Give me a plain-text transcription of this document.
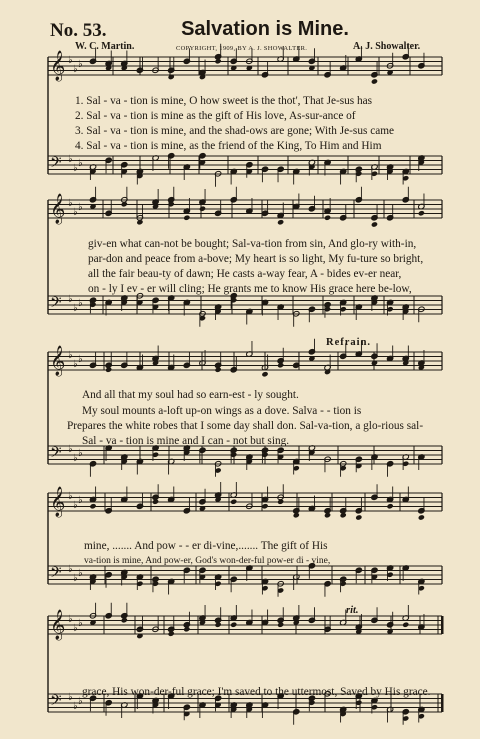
No. 53.	Salvation is Mine.
W. C. Martin.	COPYRIGHT, 1909, BY A. J. SHOWALTER.	A. J. Showalter.
𝄞 ♭
♭ ♭
𝄢 ♭
♭ ♭
𝄞 ♭
♭ ♭
𝄢 ♭
♭ ♭
𝄞 ♭
♭ ♭
𝄢 ♭
♭ ♭
𝄞 ♭
♭ ♭
𝄢 ♭
♭ ♭
𝄞 ♭
♭ ♭
𝄢 ♭
♭ ♭
1. Sal - va - tion is mine, O how sweet is the thot', That Je-sus has
2. Sal - va - tion is mine as the gift of His love, As-sur-ance of
3. Sal - va - tion is mine, and the shad-ows are gone; With Je-sus came
4. Sal - va - tion is mine, as the friend of the King, To Him and Him
giv-en what can-not be bought; Sal-va-tion from sin, And glo-ry with-in,
par-don and peace from a-bove; My heart is so light, My fu-ture so bright,
all the fair beau-ty of dawn; He casts a-way fear, A - bides ev-er near,
on - ly I ev - er will cling; He grants me to know His grace here be-low,
Refrain.
And all that my soul had so earn-est - ly sought.
My soul mounts a-loft up-on wings as a dove. Salva - - tion is
Prepares the white robes that I some day shall don. Sal-va-tion, a glo-rious sal-
Sal - va - tion is mine and I can - not but sing.
mine, ....... And pow - - er di-vine,....... The gift of His
va-tion is mine, And pow-er, God's won-der-ful pow-er di - vine,
rit.
grace, His won-der-ful grace; I'm saved to the uttermost, Saved by His grace.
